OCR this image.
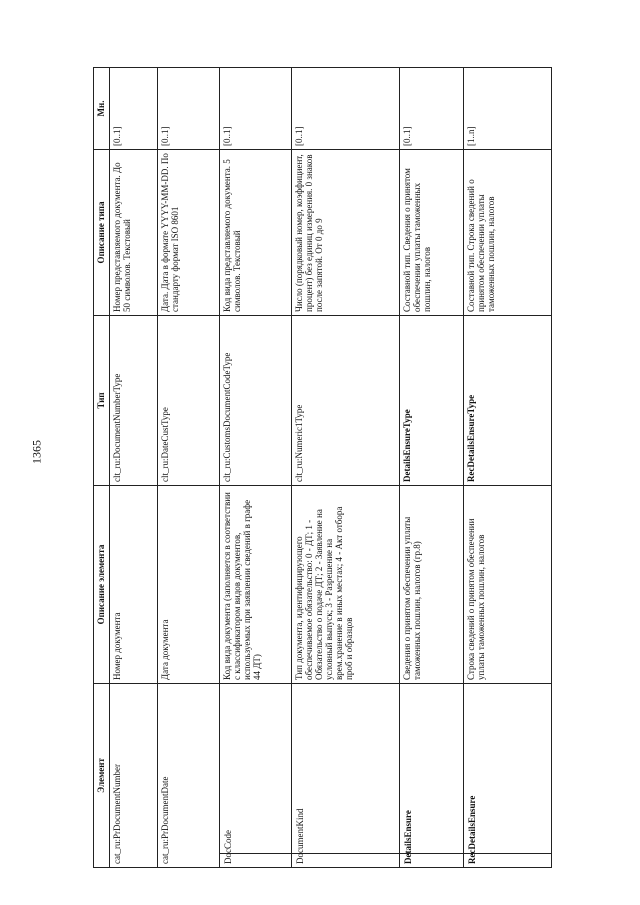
1365
Элемент		Описание элемента	Тип	Описание типа	Мн.
cat_ru:PrDocumentNumber		Номер документа	clt_ru:DocumentNumberType	Номер представляемого документа. До 50 символов. Текстовый	[0..1]
cat_ru:PrDocumentDate		Дата документа	clt_ru:DateCustType	Дата. Дата в формате YYYY-MM-DD. По стандарту формат ISO 8601	[0..1]

DocCode		Код вида документа (заполняется в соответствии с классификатором видов документов, используемых при заявлении сведений в графе 44 ДТ)	clt_ru:CustomsDocumentCodeType	Код вида представляемого документа. 5 символов. Текстовый	[0..1]

DocumentKind		Тип документа, идентифицирующего обеспечиваемое обязательство: 0 - ДТ; 1 - Обязательство о подаче ДТ; 2 - Заявление на условный выпуск; 3 - Разрешение на врем.хранение в иных местах; 4 - Акт отбора проб и образцов	clt_ru:Numeric1Type	Число (порядковый номер, коэффициент, процент) без единиц измерения. 0 знаков после запятой. От 0 до 9	[0..1]

DetailsEnsure		Сведения о принятом обеспечении уплаты таможенных пошлин, налогов (гр.8)	DetailsEnsureType	Составной тип. Сведения о принятом обеспечении уплаты таможенных пошлин, налогов	[0..1]

RecDetailsEnsure		Строка сведений о принятом обеспечении уплаты таможенных пошлин, налогов	RecDetailsEnsureType	Составной тип. Строка сведений о принятом обеспечении уплаты таможенных пошлин, налогов	[1..n]
